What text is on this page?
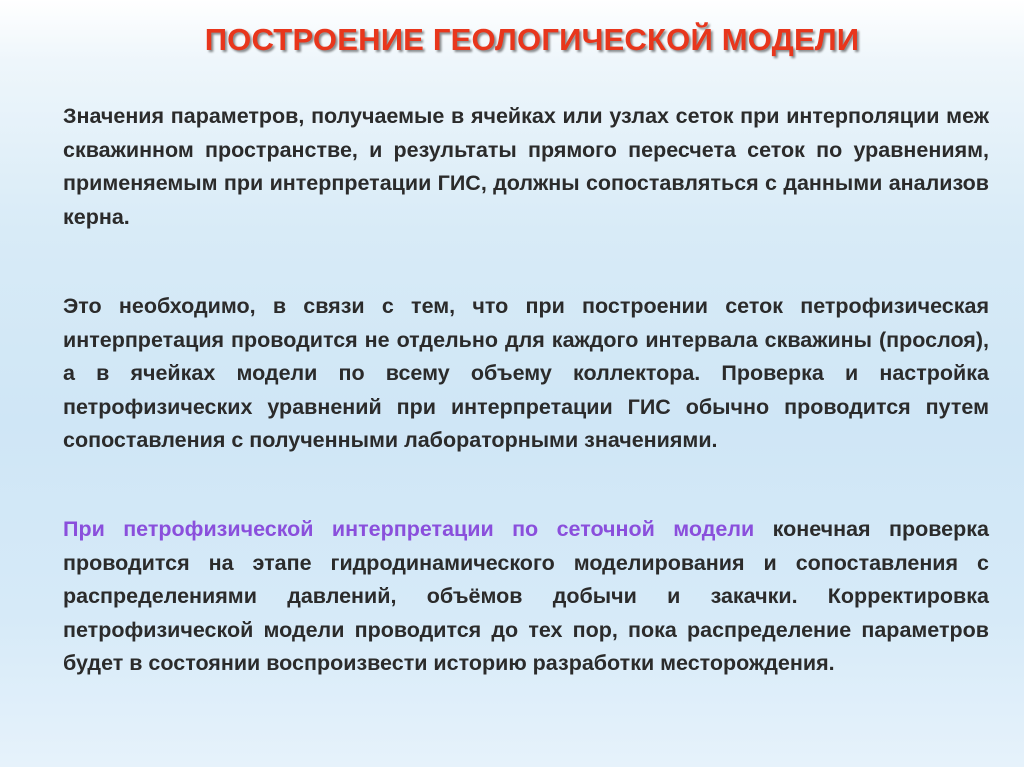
ПОСТРОЕНИЕ ГЕОЛОГИЧЕСКОЙ МОДЕЛИ

Значения параметров, получаемые в ячейках или узлах сеток при интерполяции меж скважинном пространстве, и результаты прямого пересчета сеток по уравнениям, применяемым при интерпретации ГИС, должны сопоставляться с данными анализов керна.

Это необходимо, в связи с тем, что при построении сеток петрофизическая интерпретация проводится не отдельно для каждого интервала скважины (прослоя), а в ячейках модели по всему объему коллектора. Проверка и настройка петрофизических уравнений при интерпретации ГИС обычно проводится путем сопоставления с полученными лабораторными значениями.

При петрофизической интерпретации по сеточной модели конечная проверка проводится на этапе гидродинамического моделирования и сопоставления с распределениями давлений, объёмов добычи и закачки. Корректировка петрофизической модели проводится до тех пор, пока распределение параметров будет в состоянии воспроизвести историю разработки месторождения.
